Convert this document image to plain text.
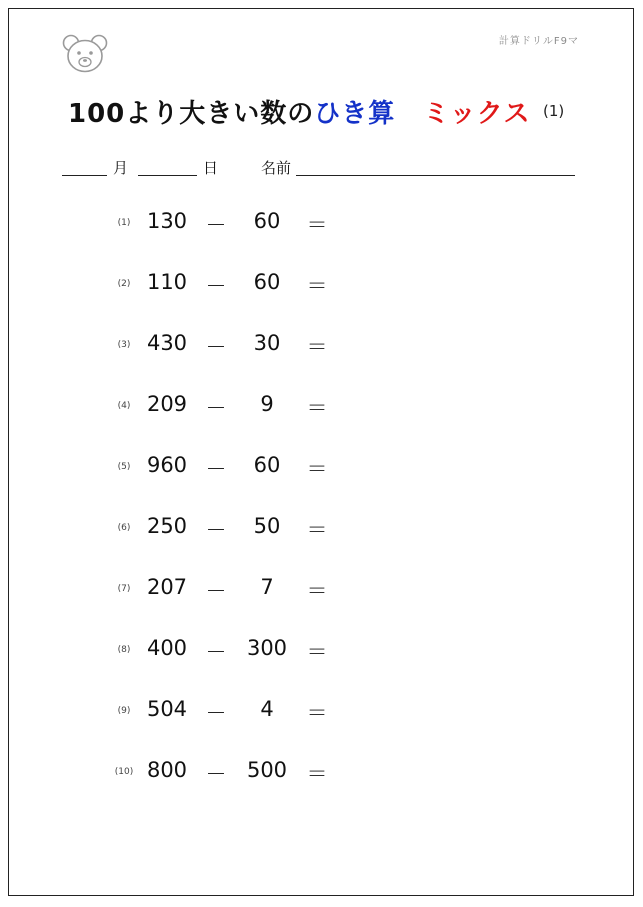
計算ドリルF9マ
100より大きい数のひき算 ミックス (1)
月	日	名前
(1) 130 －	60	＝
(2) 110 －	60	＝
(3) 430 －	30	＝
(4) 209 －	9	＝
(5) 960 －	60	＝
(6) 250 －	50	＝
(7) 207 －	7	＝
(8) 400 － 300 ＝
(9) 504 －	4	＝
(10) 800 － 500 ＝
